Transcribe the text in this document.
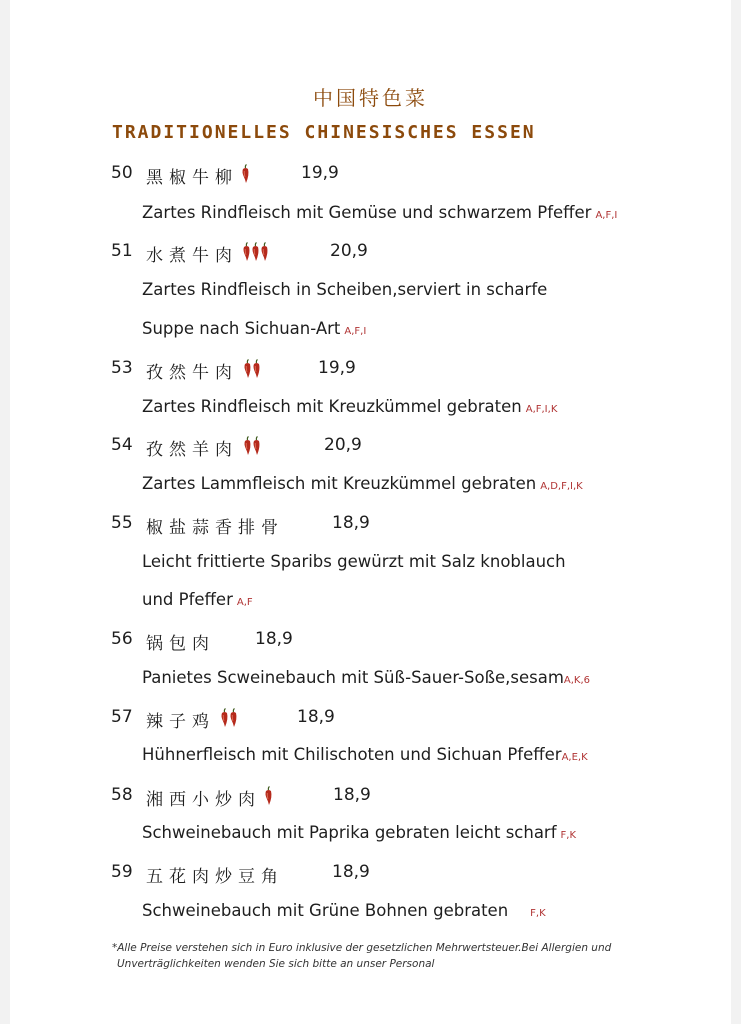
中国特色菜
TRADITIONELLES CHINESISCHES ESSEN
50 黑椒牛柳	19,9
Zartes Rindfleisch mit Gemüse und schwarzem Pfeffer A,F,I
51 水煮牛肉	20,9
Zartes Rindfleisch in Scheiben,serviert in scharfe
Suppe nach Sichuan-Art A,F,I
53 孜然牛肉	19,9
Zartes Rindfleisch mit Kreuzkümmel gebraten A,F,I,K
54 孜然羊肉	20,9
Zartes Lammfleisch mit Kreuzkümmel gebraten A,D,F,I,K
55 椒盐蒜香排骨	18,9
Leicht frittierte Sparibs gewürzt mit Salz knoblauch
und Pfeffer A,F
56 锅包肉 18,9
Panietes Scweinebauch mit Süß-Sauer-Soße,sesamA,K,6
57 辣子鸡	18,9
Hühnerfleisch mit Chilischoten und Sichuan PfefferA,E,K
58 湘西小炒肉	18,9
Schweinebauch mit Paprika gebraten leicht scharf F,K
59 五花肉炒豆角	18,9
Schweinebauch mit Grüne Bohnen gebraten F,K
*Alle Preise verstehen sich in Euro inklusive der gesetzlichen Mehrwertsteuer.Bei Allergien und
Unverträglichkeiten wenden Sie sich bitte an unser Personal
